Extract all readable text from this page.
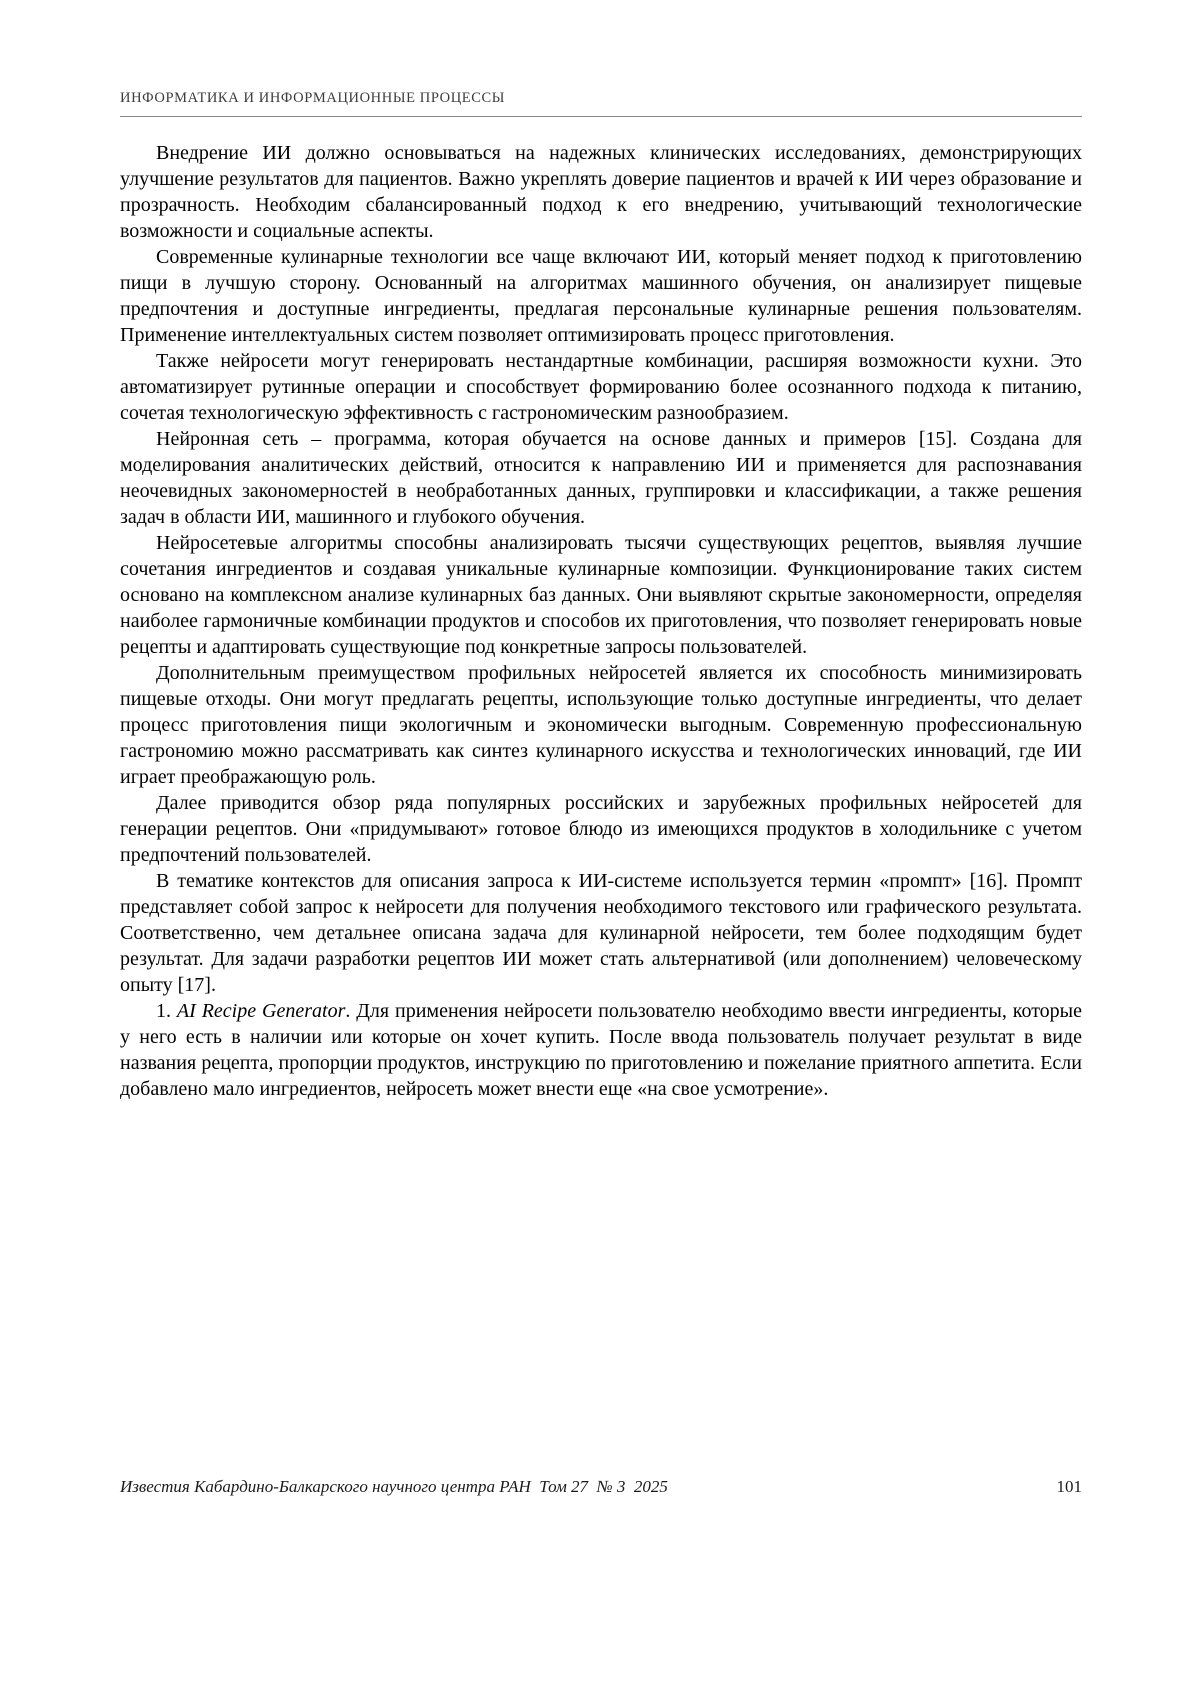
ИНФОРМАТИКА И ИНФОРМАЦИОННЫЕ ПРОЦЕССЫ

Внедрение ИИ должно основываться на надежных клинических исследованиях, демонстрирующих улучшение результатов для пациентов. Важно укреплять доверие пациентов и врачей к ИИ через образование и прозрачность. Необходим сбалансированный подход к его внедрению, учитывающий технологические возможности и социальные аспекты.

Современные кулинарные технологии все чаще включают ИИ, который меняет подход к приготовлению пищи в лучшую сторону. Основанный на алгоритмах машинного обучения, он анализирует пищевые предпочтения и доступные ингредиенты, предлагая персональные кулинарные решения пользователям. Применение интеллектуальных систем позволяет оптимизировать процесс приготовления.

Также нейросети могут генерировать нестандартные комбинации, расширяя возможности кухни. Это автоматизирует рутинные операции и способствует формированию более осознанного подхода к питанию, сочетая технологическую эффективность с гастрономическим разнообразием.

Нейронная сеть – программа, которая обучается на основе данных и примеров [15]. Создана для моделирования аналитических действий, относится к направлению ИИ и применяется для распознавания неочевидных закономерностей в необработанных данных, группировки и классификации, а также решения задач в области ИИ, машинного и глубокого обучения.

Нейросетевые алгоритмы способны анализировать тысячи существующих рецептов, выявляя лучшие сочетания ингредиентов и создавая уникальные кулинарные композиции. Функционирование таких систем основано на комплексном анализе кулинарных баз данных. Они выявляют скрытые закономерности, определяя наиболее гармоничные комбинации продуктов и способов их приготовления, что позволяет генерировать новые рецепты и адаптировать существующие под конкретные запросы пользователей.

Дополнительным преимуществом профильных нейросетей является их способность минимизировать пищевые отходы. Они могут предлагать рецепты, использующие только доступные ингредиенты, что делает процесс приготовления пищи экологичным и экономически выгодным. Современную профессиональную гастрономию можно рассматривать как синтез кулинарного искусства и технологических инноваций, где ИИ играет преображающую роль.

Далее приводится обзор ряда популярных российских и зарубежных профильных нейросетей для генерации рецептов. Они «придумывают» готовое блюдо из имеющихся продуктов в холодильнике с учетом предпочтений пользователей.

В тематике контекстов для описания запроса к ИИ-системе используется термин «промпт» [16]. Промпт представляет собой запрос к нейросети для получения необходимого текстового или графического результата. Соответственно, чем детальнее описана задача для кулинарной нейросети, тем более подходящим будет результат. Для задачи разработки рецептов ИИ может стать альтернативой (или дополнением) человеческому опыту [17].

1. AI Recipe Generator. Для применения нейросети пользователю необходимо ввести ингредиенты, которые у него есть в наличии или которые он хочет купить. После ввода пользователь получает результат в виде названия рецепта, пропорции продуктов, инструкцию по приготовлению и пожелание приятного аппетита. Если добавлено мало ингредиентов, нейросеть может внести еще «на свое усмотрение».

Известия Кабардино-Балкарского научного центра РАН  Том 27  № 3  2025	101
